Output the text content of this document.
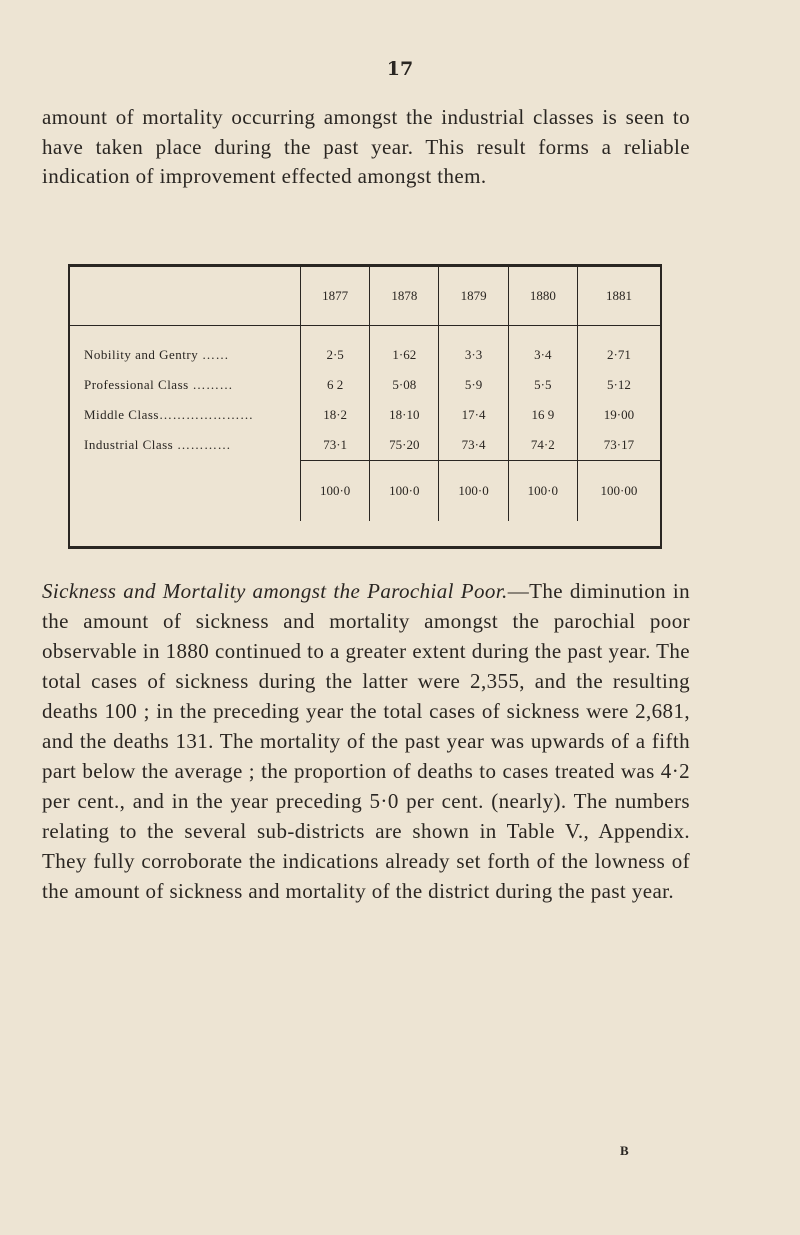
17

amount of mortality occurring amongst the industrial classes is seen to have taken place during the past year. This result forms a reliable indication of improvement effected amongst them.

	1877	1878	1879	1880	1881
Nobility and Gentry ……	2·5	1·62	3·3	3·4	2·71
Professional Class ………	6 2	5·08	5·9	5·5	5·12
Middle Class…………………	18·2	18·10	17·4	16 9	19·00
Industrial Class …………	73·1	75·20	73·4	74·2	73·17
	100·0	100·0	100·0	100·0	100·00

Sickness and Mortality amongst the Parochial Poor.—The diminution in the amount of sickness and mortality amongst the parochial poor observable in 1880 continued to a greater extent during the past year. The total cases of sickness during the latter were 2,355, and the resulting deaths 100 ; in the preceding year the total cases of sickness were 2,681, and the deaths 131. The mortality of the past year was upwards of a fifth part below the average ; the proportion of deaths to cases treated was 4·2 per cent., and in the year preceding 5·0 per cent. (nearly). The numbers relating to the several sub-districts are shown in Table V., Appendix. They fully corroborate the indications already set forth of the lowness of the amount of sickness and mortality of the district during the past year.

B
